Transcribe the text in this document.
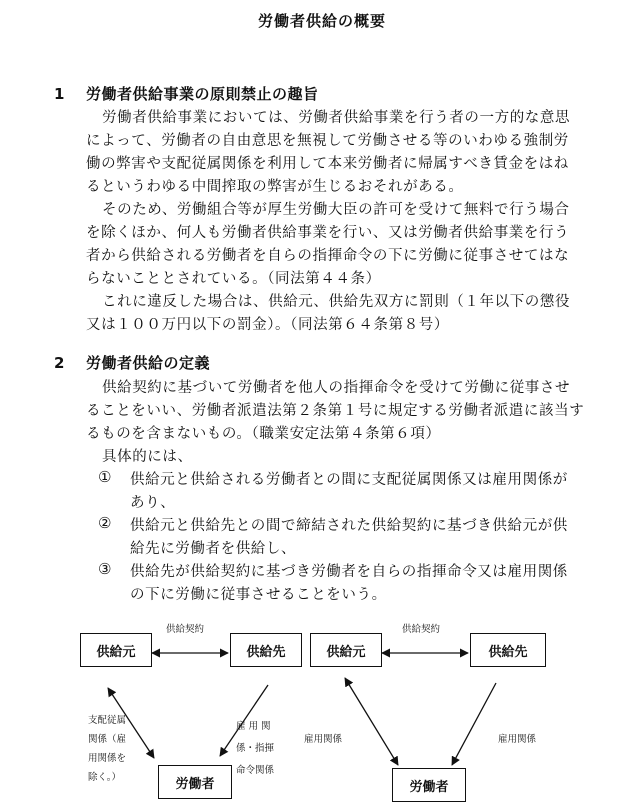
労働者供給の概要
1 労働者供給事業の原則禁止の趣旨
労働者供給事業においては、労働者供給事業を行う者の一方的な意思
によって、労働者の自由意思を無視して労働させる等のいわゆる強制労
働の弊害や支配従属関係を利用して本来労働者に帰属すべき賃金をはね
るというわゆる中間搾取の弊害が生じるおそれがある。
そのため、労働組合等が厚生労働大臣の許可を受けて無料で行う場合
を除くほか、何人も労働者供給事業を行い、又は労働者供給事業を行う
者から供給される労働者を自らの指揮命令の下に労働に従事させてはな
らないこととされている。（同法第４４条）
これに違反した場合は、供給元、供給先双方に罰則（１年以下の懲役
又は１００万円以下の罰金）。（同法第６４条第８号）
2 労働者供給の定義
供給契約に基づいて労働者を他人の指揮命令を受けて労働に従事させ
ることをいい、労働者派遣法第２条第１号に規定する労働者派遣に該当す
るものを含まないもの。（職業安定法第４条第６項）
具体的には、
① 供給元と供給される労働者との間に支配従属関係又は雇用関係が
あり、
② 供給元と供給先との間で締結された供給契約に基づき供給元が供
給先に労働者を供給し、
③ 供給先が供給契約に基づき労働者を自らの指揮命令又は雇用関係
の下に労働に従事させることをいう。
供給契約
供給元	供給先
労働者
支配従属
関係（雇
用関係を
除く。）
雇 用 関
係・指揮
命令関係
供給契約
供給元	供給先
労働者
雇用関係	雇用関係
